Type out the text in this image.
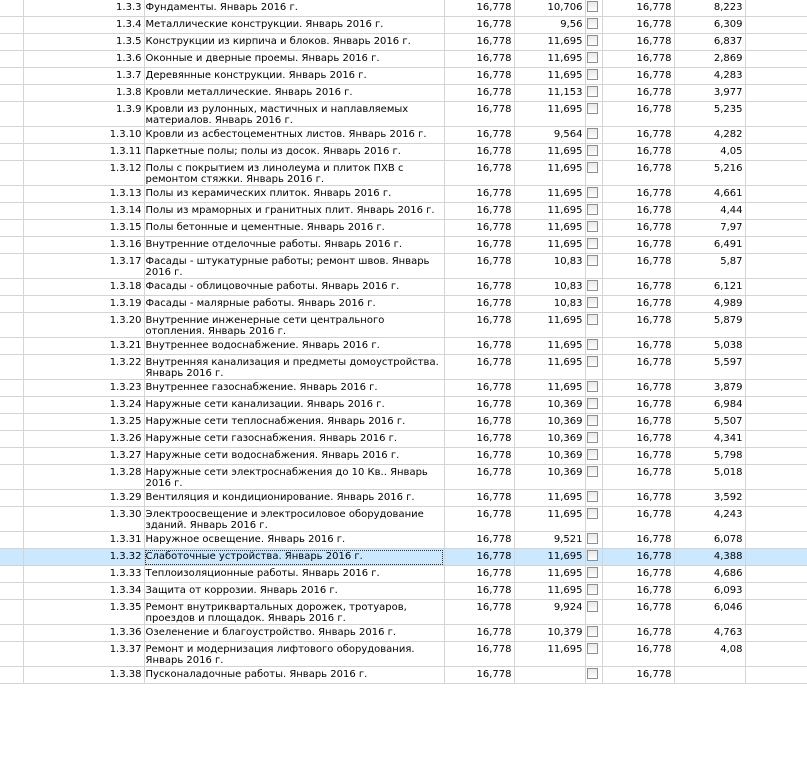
	1.3.3	Фундаменты. Январь 2016 г.	16,778	10,706		16,778	8,223	
	1.3.4	Металлические конструкции. Январь 2016 г.	16,778	9,56		16,778	6,309	
	1.3.5	Конструкции из кирпича и блоков. Январь 2016 г.	16,778	11,695		16,778	6,837	
	1.3.6	Оконные и дверные проемы. Январь 2016 г.	16,778	11,695		16,778	2,869	
	1.3.7	Деревянные конструкции. Январь 2016 г.	16,778	11,695		16,778	4,283	
	1.3.8	Кровли металлические. Январь 2016 г.	16,778	11,153		16,778	3,977	
	1.3.9	Кровли из рулонных, мастичных и наплавляемых материалов. Январь 2016 г.	16,778	11,695		16,778	5,235	
	1.3.10	Кровли из асбестоцементных листов. Январь 2016 г.	16,778	9,564		16,778	4,282	
	1.3.11	Паркетные полы; полы из досок. Январь 2016 г.	16,778	11,695		16,778	4,05	
	1.3.12	Полы с покрытием из линолеума и плиток ПХВ с ремонтом стяжки. Январь 2016 г.	16,778	11,695		16,778	5,216	
	1.3.13	Полы из керамических плиток. Январь 2016 г.	16,778	11,695		16,778	4,661	
	1.3.14	Полы из мраморных и гранитных плит. Январь 2016 г.	16,778	11,695		16,778	4,44	
	1.3.15	Полы бетонные и цементные. Январь 2016 г.	16,778	11,695		16,778	7,97	
	1.3.16	Внутренние отделочные работы. Январь 2016 г.	16,778	11,695		16,778	6,491	
	1.3.17	Фасады - штукатурные работы; ремонт швов. Январь 2016 г.	16,778	10,83		16,778	5,87	
	1.3.18	Фасады - облицовочные работы. Январь 2016 г.	16,778	10,83		16,778	6,121	
	1.3.19	Фасады - малярные работы. Январь 2016 г.	16,778	10,83		16,778	4,989	
	1.3.20	Внутренние инженерные сети центрального отопления. Январь 2016 г.	16,778	11,695		16,778	5,879	
	1.3.21	Внутреннее водоснабжение. Январь 2016 г.	16,778	11,695		16,778	5,038	
	1.3.22	Внутренняя канализация и предметы домоустройства. Январь 2016 г.	16,778	11,695		16,778	5,597	
	1.3.23	Внутреннее газоснабжение. Январь 2016 г.	16,778	11,695		16,778	3,879	
	1.3.24	Наружные сети канализации. Январь 2016 г.	16,778	10,369		16,778	6,984	
	1.3.25	Наружные сети теплоснабжения. Январь 2016 г.	16,778	10,369		16,778	5,507	
	1.3.26	Наружные сети газоснабжения. Январь 2016 г.	16,778	10,369		16,778	4,341	
	1.3.27	Наружные сети водоснабжения. Январь 2016 г.	16,778	10,369		16,778	5,798	
	1.3.28	Наружные сети электроснабжения до 10 Кв.. Январь 2016 г.	16,778	10,369		16,778	5,018	
	1.3.29	Вентиляция и кондиционирование. Январь 2016 г.	16,778	11,695		16,778	3,592	
	1.3.30	Электроосвещение и электросиловое оборудование зданий. Январь 2016 г.	16,778	11,695		16,778	4,243	
	1.3.31	Наружное освещение. Январь 2016 г.	16,778	9,521		16,778	6,078	
	1.3.32	Слаботочные устройства. Январь 2016 г.	16,778	11,695		16,778	4,388	
	1.3.33	Теплоизоляционные работы. Январь 2016 г.	16,778	11,695		16,778	4,686	
	1.3.34	Защита от коррозии. Январь 2016 г.	16,778	11,695		16,778	6,093	
	1.3.35	Ремонт внутриквартальных дорожек, тротуаров, проездов и площадок. Январь 2016 г.	16,778	9,924		16,778	6,046	
	1.3.36	Озеленение и благоустройство. Январь 2016 г.	16,778	10,379		16,778	4,763	
	1.3.37	Ремонт и модернизация лифтового оборудования. Январь 2016 г.	16,778	11,695		16,778	4,08	
	1.3.38	Пусконаладочные работы. Январь 2016 г.	16,778			16,778		
